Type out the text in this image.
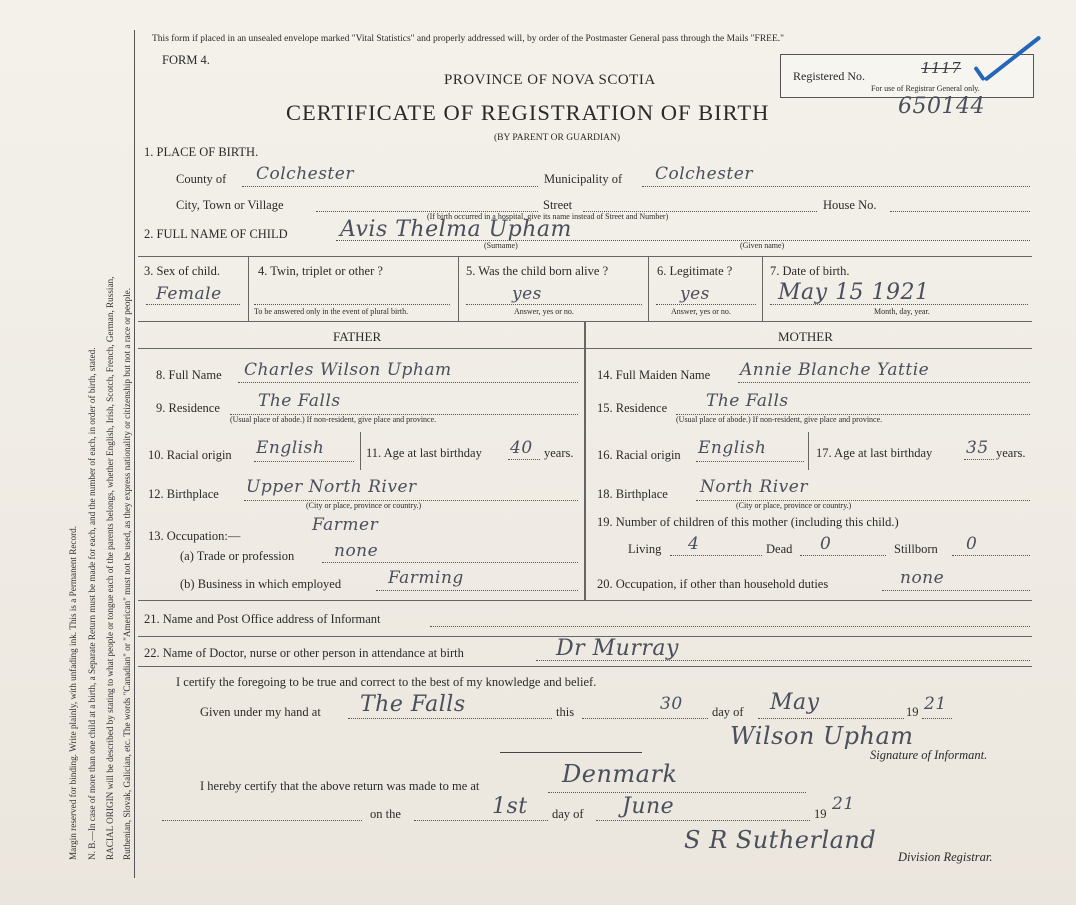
Margin reserved for binding. Write plainly, with unfading ink. This is a Permanent Record. N. B.—In case of more than one child at a birth, a Separate Return must be made for each, and the number of each, in order of birth, stated. RACIAL ORIGIN will be described by stating to what people or tongue each of the parents belongs, whether English, Irish, Scotch, French, German, Russian, Ruthenian, Slovak, Galician, etc. The words "Canadian" or "American" must not be used, as they express nationality or citizenship but not a race or people.
This form if placed in an unsealed envelope marked "Vital Statistics" and properly addressed will, by order of the Postmaster General pass through the Mails "FREE."
FORM 4.
PROVINCE OF NOVA SCOTIA
CERTIFICATE OF REGISTRATION OF BIRTH
(BY PARENT OR GUARDIAN)
Registered No.	1117
For use of Registrar General only.
650144
1. PLACE OF BIRTH.
County of Colchester	Municipality of Colchester
City, Town or Village	Street	House No.
(If birth occurred in a hospital, give its name instead of Street and Number)
2. FULL NAME OF CHILD Avis Thelma Upham
(Surname)	(Given name)
3. Sex of child.
Female
4. Twin, triplet or other ?
To be answered only in the event of plural birth.
5. Was the child born alive ?
yes
Answer, yes or no.
6. Legitimate ?
yes
Answer, yes or no.
7. Date of birth.
May 15 1921
Month, day, year.
FATHER	MOTHER
8. Full Name Charles Wilson Upham
9. Residence The Falls
(Usual place of abode.) If non-resident, give place and province.
10. Racial origin English	11. Age at last birthday 40 years.
12. Birthplace Upper North River
(City or place, province or country.)
13. Occupation:—
Farmer
(a) Trade or profession none
(b) Business in which employed	Farming
14. Full Maiden Name Annie Blanche Yattie
15. Residence The Falls
(Usual place of abode.) If non-resident, give place and province.
16. Racial origin English	17. Age at last birthday 35 years.
18. Birthplace North River
(City or place, province or country.)
19. Number of children of this mother (including this child.)
Living 4	Dead 0	Stillborn 0
20. Occupation, if other than household duties	none
21. Name and Post Office address of Informant
22. Name of Doctor, nurse or other person in attendance at birth	Dr Murray
I certify the foregoing to be true and correct to the best of my knowledge and belief.
Given under my hand at The Falls	this	30 day of May	19 21
Wilson Upham
Signature of Informant.
I hereby certify that the above return was made to me at	Denmark
on the	1st day of June	19 21
S R Sutherland
Division Registrar.
